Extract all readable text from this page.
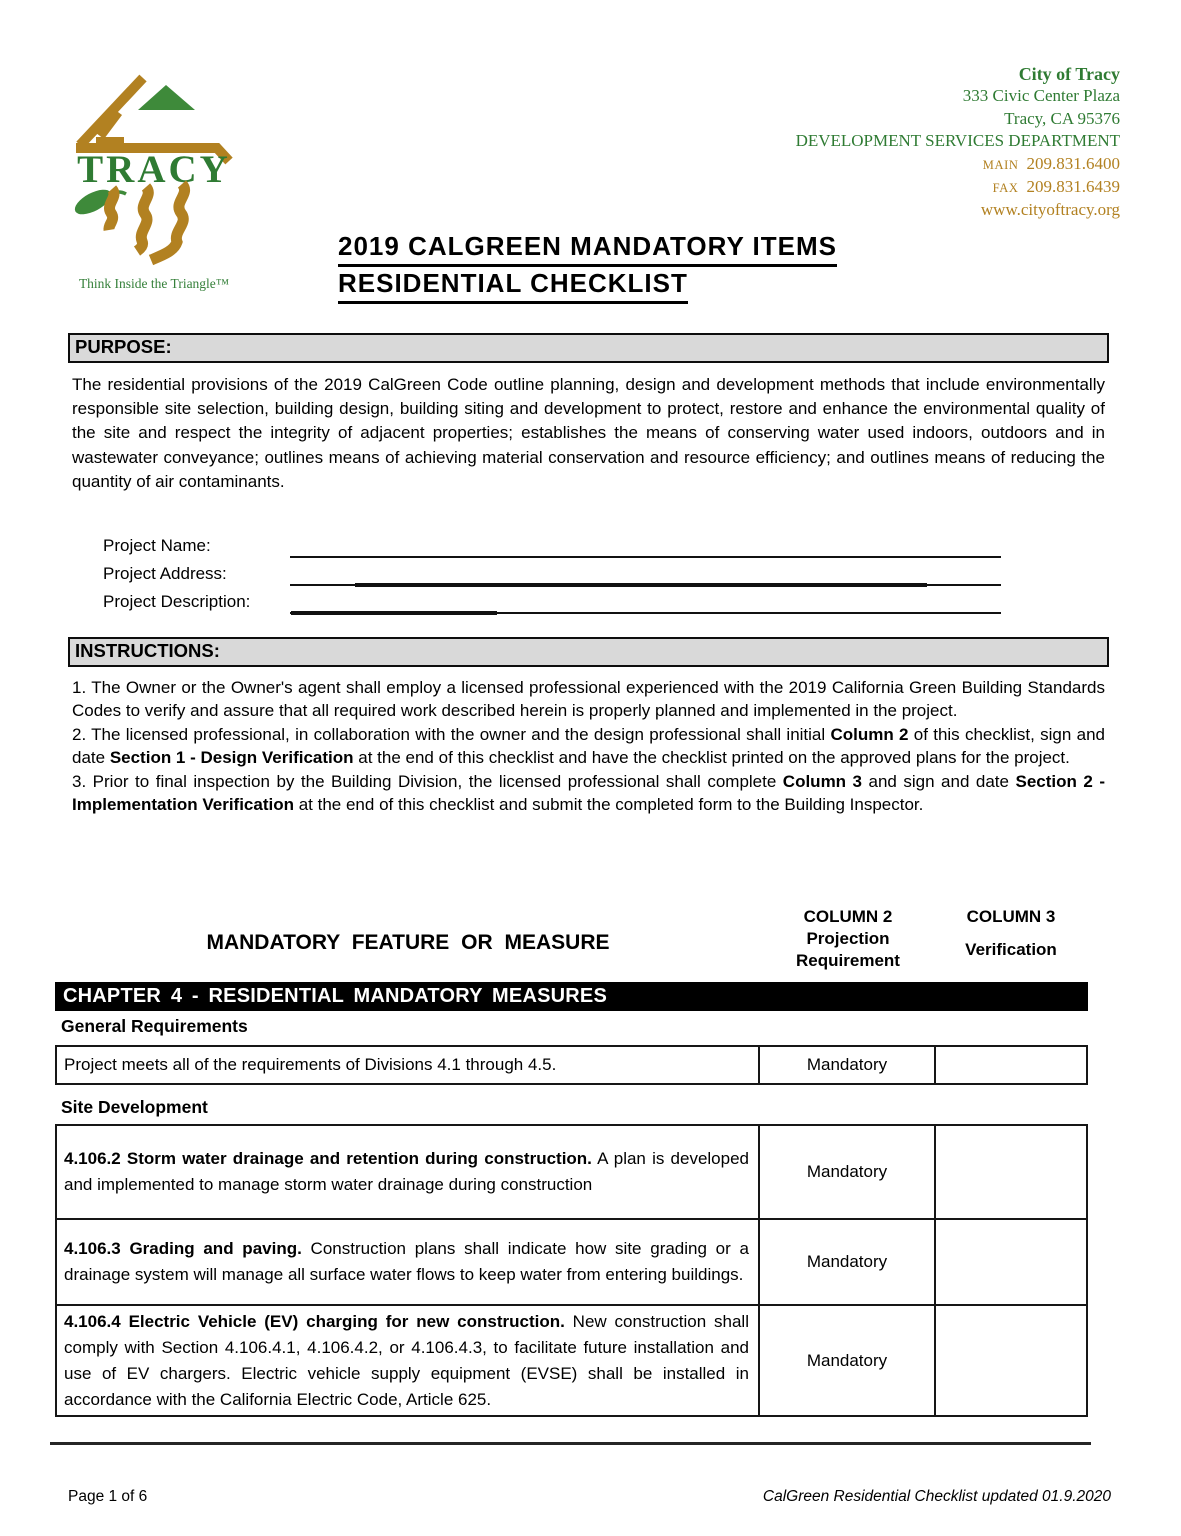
TRACY
Think Inside the Triangle™
City of Tracy
333 Civic Center Plaza
Tracy, CA 95376
DEVELOPMENT SERVICES DEPARTMENT
MAIN 209.831.6400
FAX 209.831.6439
www.cityoftracy.org
2019 CALGREEN MANDATORY ITEMS
RESIDENTIAL CHECKLIST
PURPOSE:
The residential provisions of the 2019 CalGreen Code outline planning, design and development methods that include environmentally responsible site selection, building design, building siting and development to protect, restore and enhance the environmental quality of the site and respect the integrity of adjacent properties; establishes the means of conserving water used indoors, outdoors and in wastewater conveyance; outlines means of achieving material conservation and resource efficiency; and outlines means of reducing the quantity of air contaminants.
Project Name:
Project Address:
Project Description:
INSTRUCTIONS:

1. The Owner or the Owner's agent shall employ a licensed professional experienced with the 2019 California Green Building Standards Codes to verify and assure that all required work described herein is properly planned and implemented in the project.

2. The licensed professional, in collaboration with the owner and the design professional shall initial Column 2 of this checklist, sign and date Section 1 - Design Verification at the end of this checklist and have the checklist printed on the approved plans for the project.

3. Prior to final inspection by the Building Division, the licensed professional shall complete Column 3 and sign and date Section 2 - Implementation Verification at the end of this checklist and submit the completed form to the Building Inspector.

MANDATORY FEATURE OR MEASURE
COLUMN 2
Projection
Requirement
COLUMN 3
Verification
CHAPTER 4 - RESIDENTIAL MANDATORY MEASURES
General Requirements
Project meets all of the requirements of Divisions 4.1 through 4.5.	Mandatory
Site Development
4.106.2 Storm water drainage and retention during construction. A plan is developed and implemented to manage storm water drainage during construction
Mandatory
4.106.3 Grading and paving. Construction plans shall indicate how site grading or a drainage system will manage all surface water flows to keep water from entering buildings.
Mandatory
4.106.4 Electric Vehicle (EV) charging for new construction. New construction shall comply with Section 4.106.4.1, 4.106.4.2, or 4.106.4.3, to facilitate future installation and use of EV chargers. Electric vehicle supply equipment (EVSE) shall be installed in accordance with the California Electric Code, Article 625.
Mandatory
Page 1 of 6	CalGreen Residential Checklist updated 01.9.2020
